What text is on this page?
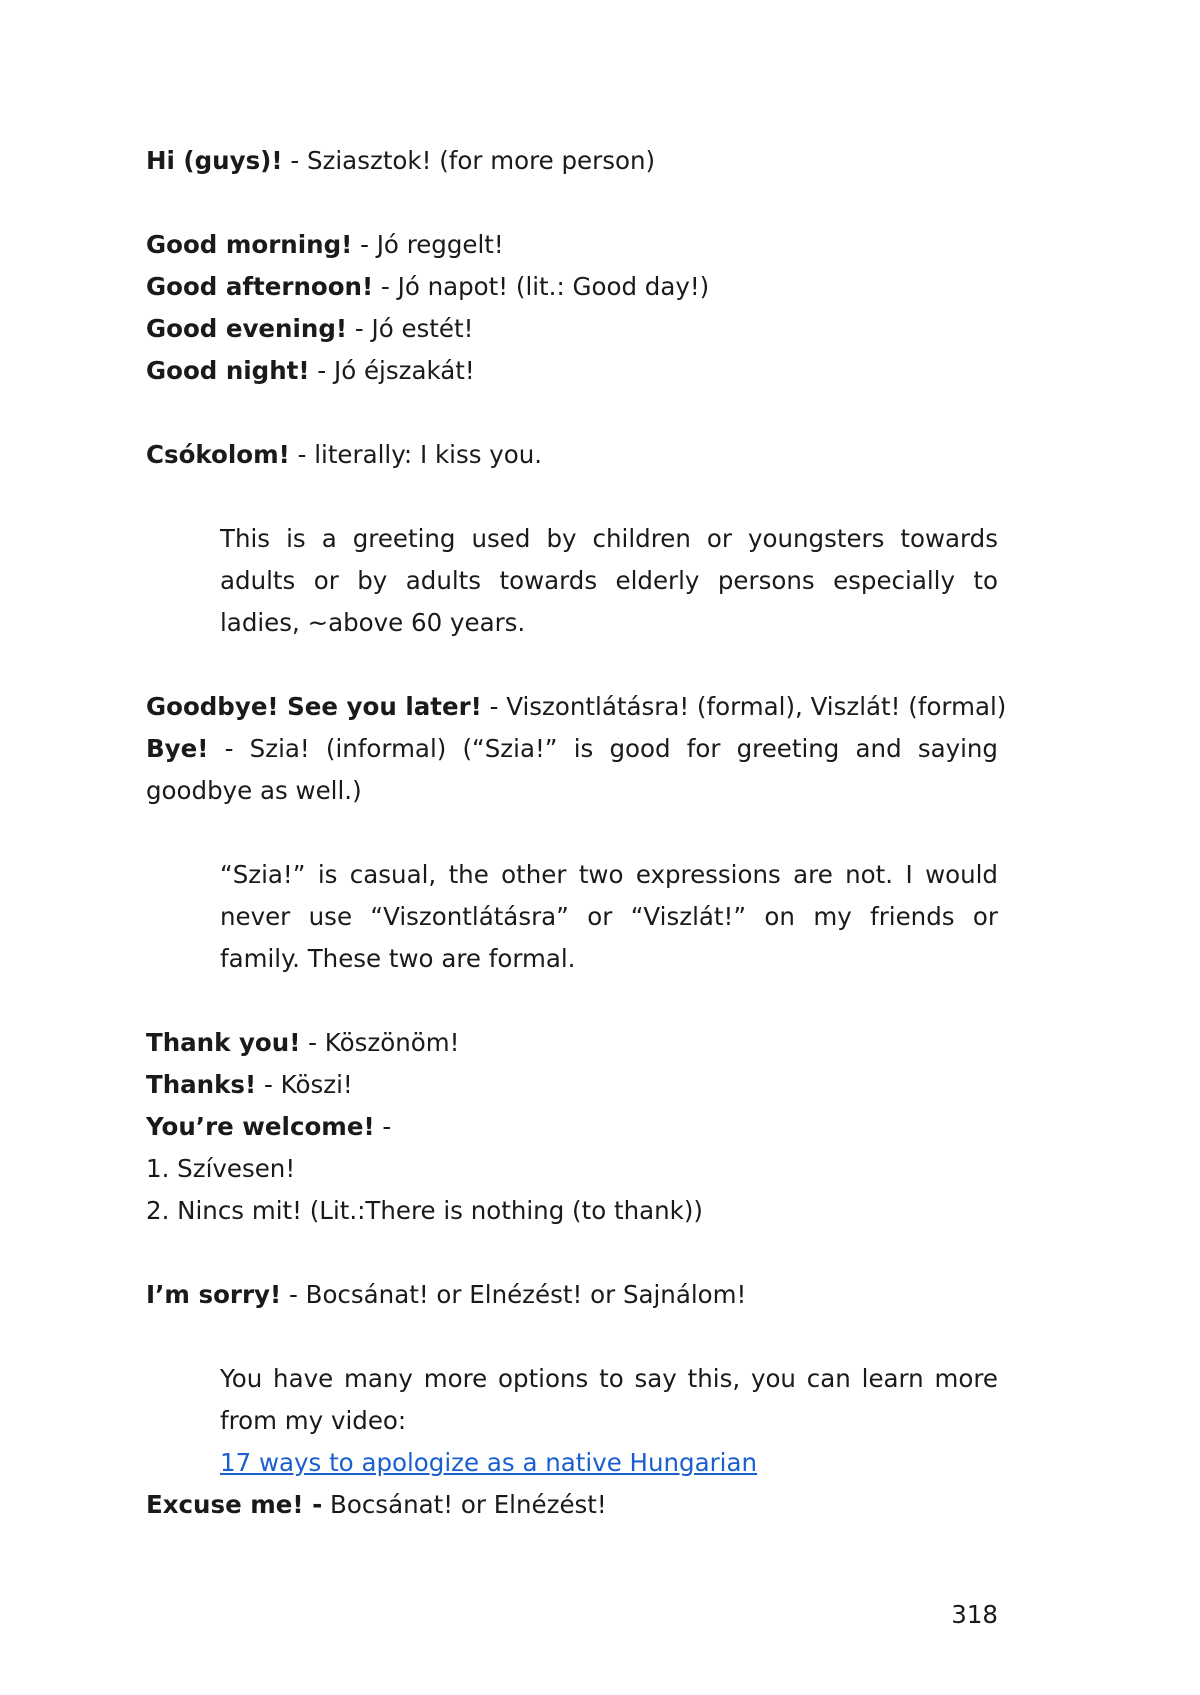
Hi (guys)! - Sziasztok! (for more person)
Good morning! - Jó reggelt!
Good afternoon! - Jó napot! (lit.: Good day!)
Good evening! - Jó estét!
Good night! - Jó éjszakát!
Csókolom! - literally: I kiss you.
This is a greeting used by children or youngsters towards adults or by adults towards elderly persons especially to ladies, ~above 60 years.
Goodbye! See you later! - Viszontlátásra! (formal), Viszlát! (formal)
Bye! - Szia! (informal) (“Szia!” is good for greeting and saying goodbye as well.)
“Szia!” is casual, the other two expressions are not. I would never use “Viszontlátásra” or “Viszlát!” on my friends or family. These two are formal.
Thank you! - Köszönöm!
Thanks! - Köszi!
You’re welcome! -
1. Szívesen!
2. Nincs mit! (Lit.:There is nothing (to thank))
I’m sorry! - Bocsánat! or Elnézést! or Sajnálom!
You have many more options to say this, you can learn more from my video:
17 ways to apologize as a native Hungarian
Excuse me! - Bocsánat! or Elnézést!
318
